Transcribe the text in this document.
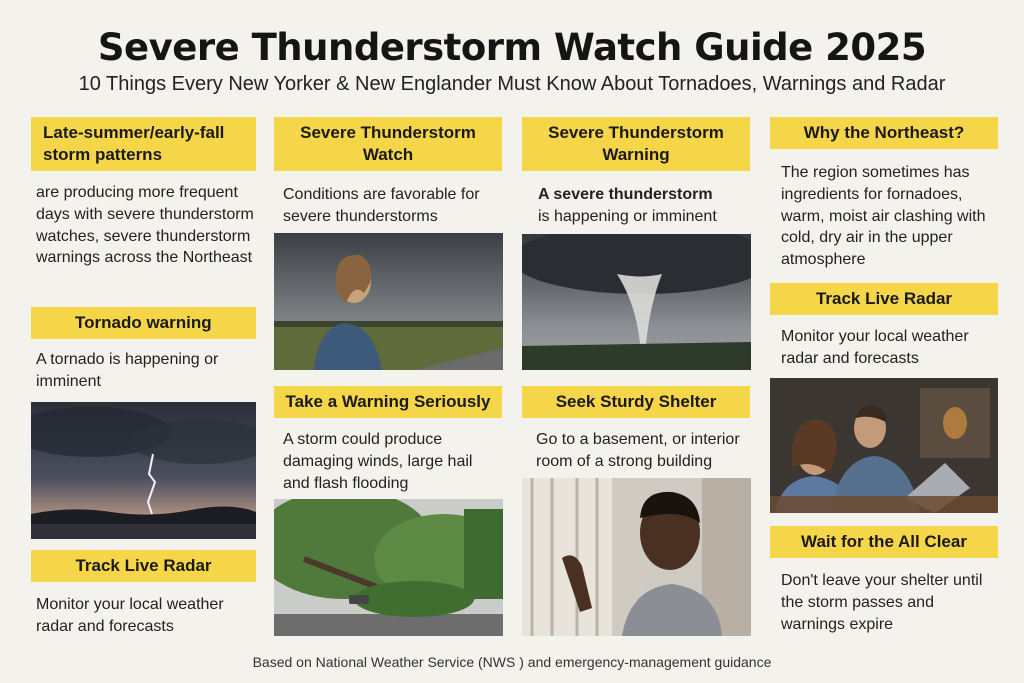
Severe Thunderstorm Watch Guide 2025
10 Things Every New Yorker & New Englander Must Know About Tornadoes, Warnings and Radar
Late-summer/early-fall storm patterns
are producing more frequent days with severe thunderstorm watches, severe thunderstorm warnings across the Northeast
Tornado warning
A tornado is happening or imminent
Track Live Radar
Monitor your local weather radar and forecasts
Severe Thunderstorm Watch
Conditions are favorable for severe thunderstorms
Take a Warning Seriously
A storm could produce damaging winds, large hail and flash flooding
Severe Thunderstorm Warning
A severe thunderstorm
is happening or imminent
Seek Sturdy Shelter
Go to a basement, or interior room of a strong building
Why the Northeast?
The region sometimes has ingredients for fornadoes, warm, moist air clashing with cold, dry air in the upper atmosphere
Track Live Radar
Monitor your local weather radar and forecasts
Wait for the All Clear
Don't leave your shelter until the storm passes and warnings expire
Based on National Weather Service (NWS ) and emergency-management guidance
